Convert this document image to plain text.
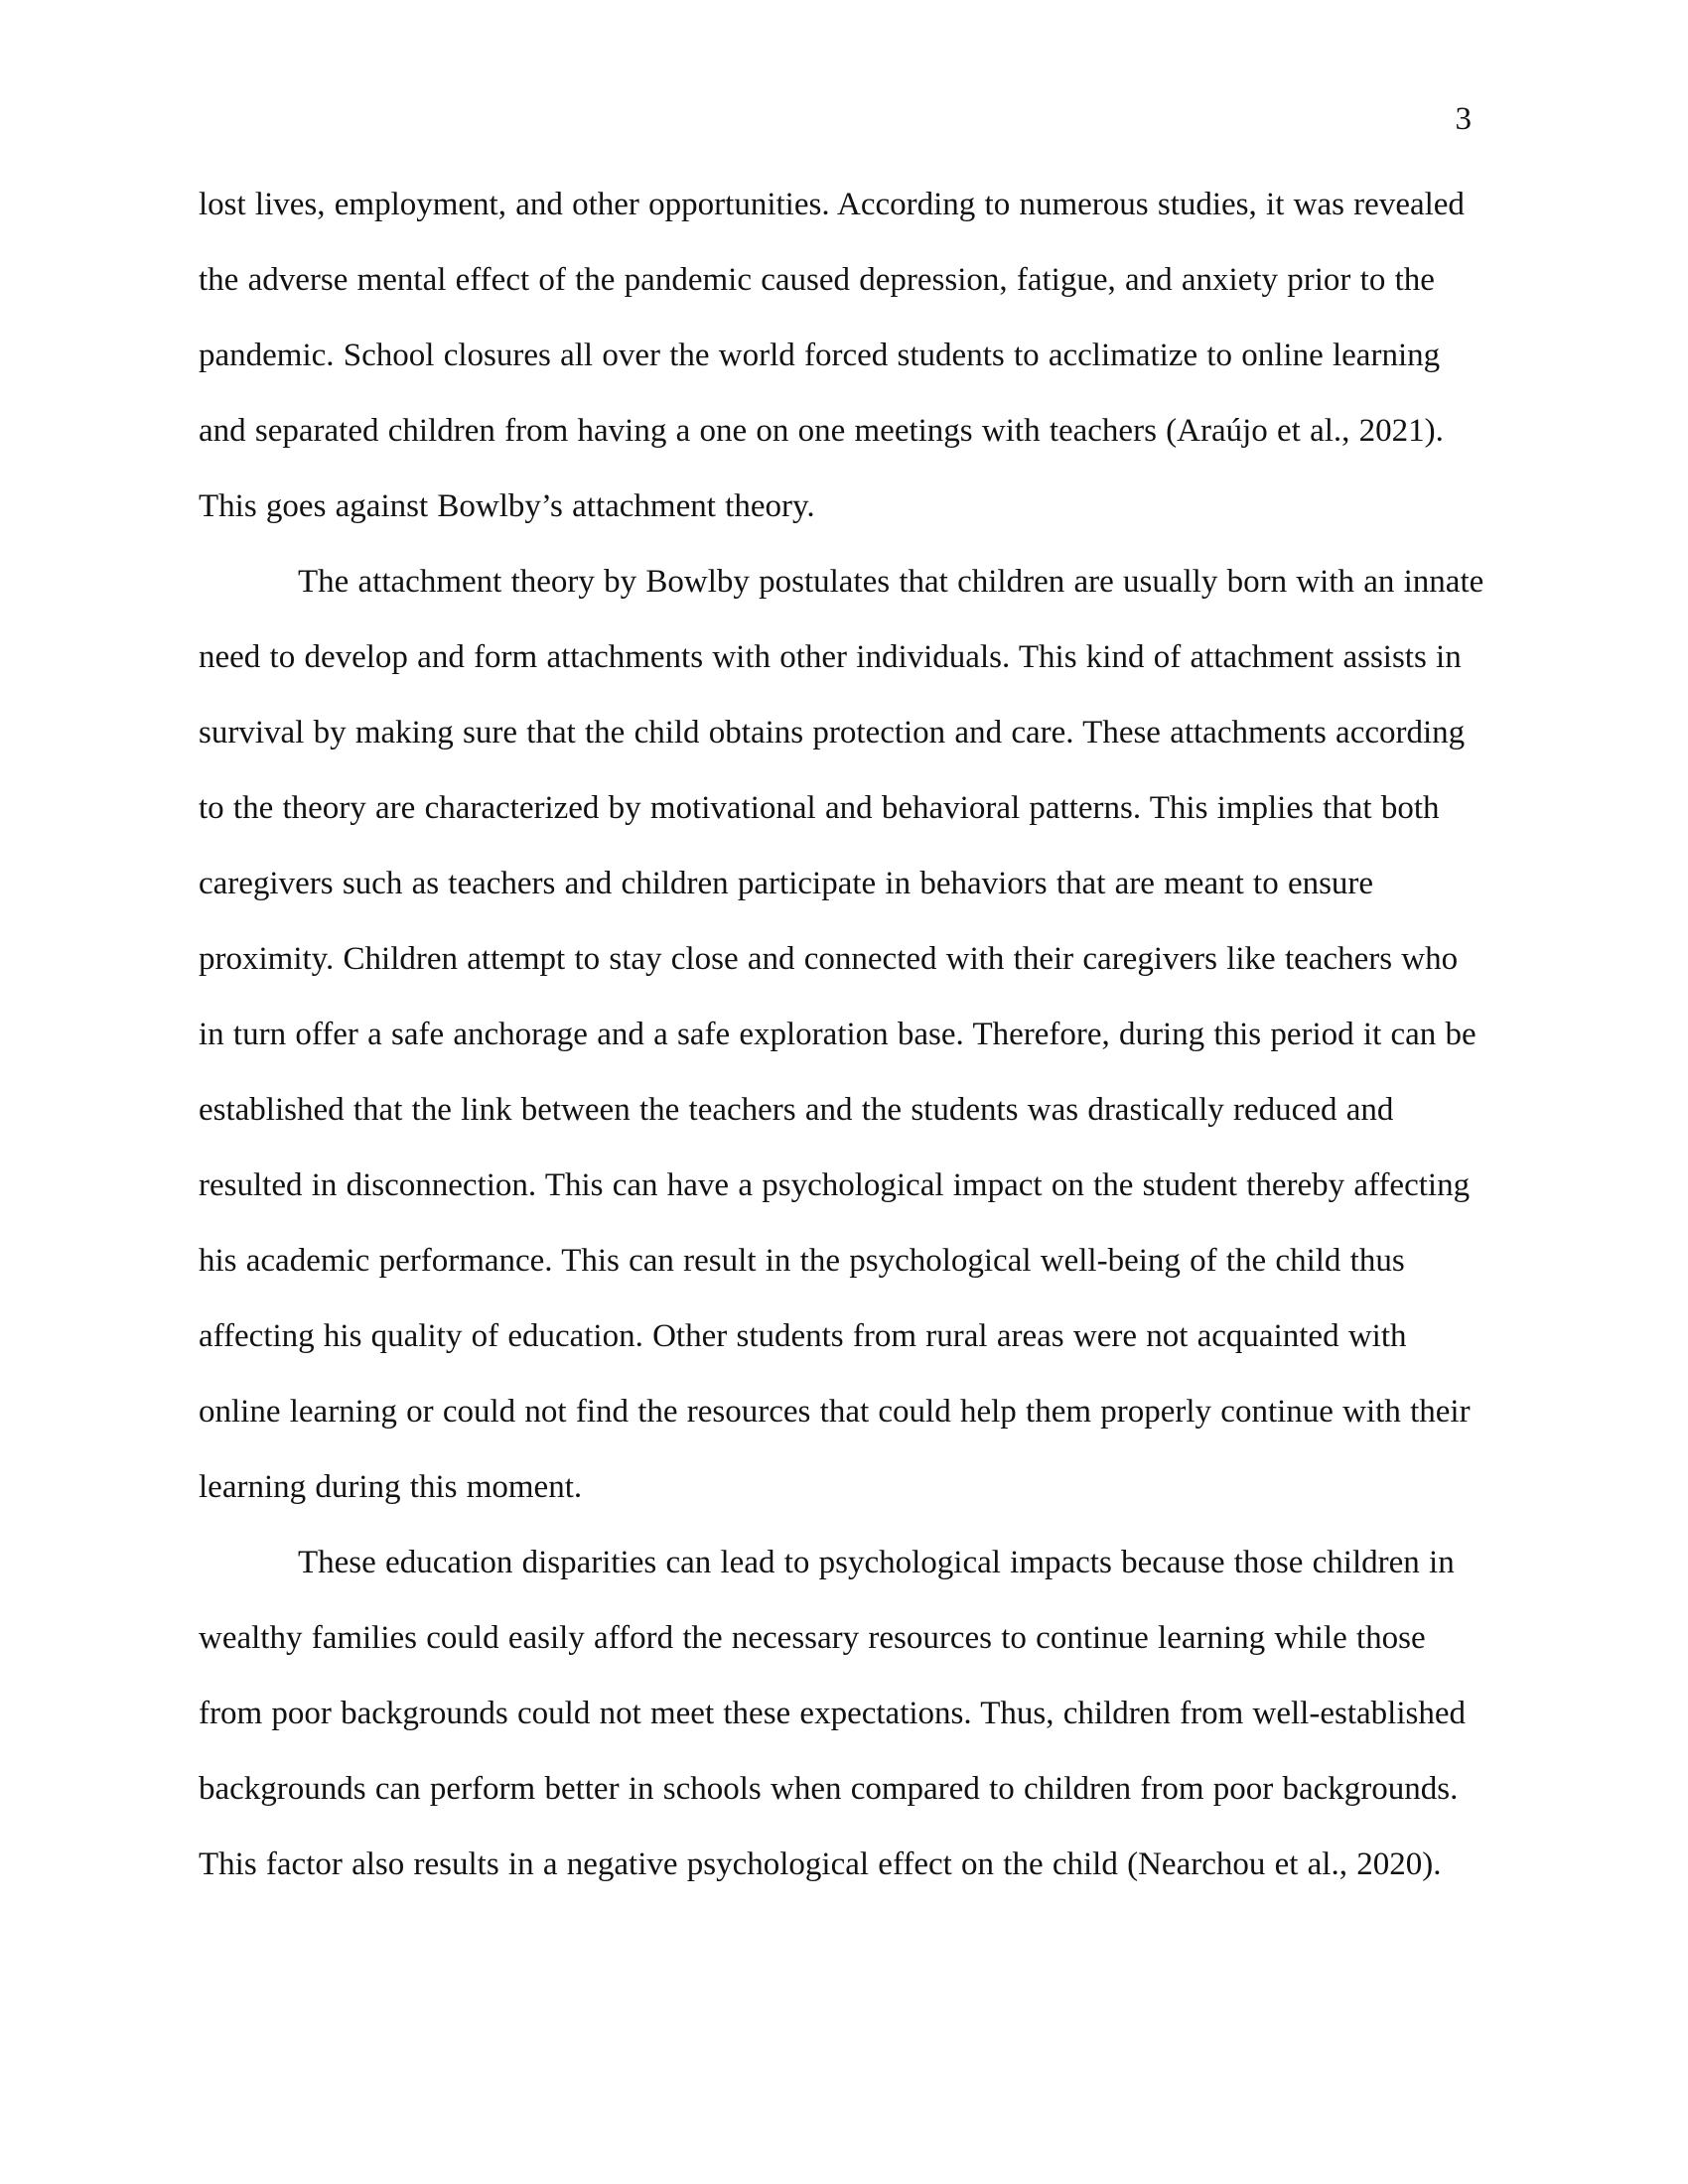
3

lost lives, employment, and other opportunities. According to numerous studies, it was revealed the adverse mental effect of the pandemic caused depression, fatigue, and anxiety prior to the pandemic. School closures all over the world forced students to acclimatize to online learning and separated children from having a one on one meetings with teachers (Araújo et al., 2021). This goes against Bowlby’s attachment theory.

The attachment theory by Bowlby postulates that children are usually born with an innate need to develop and form attachments with other individuals. This kind of attachment assists in survival by making sure that the child obtains protection and care. These attachments according to the theory are characterized by motivational and behavioral patterns. This implies that both caregivers such as teachers and children participate in behaviors that are meant to ensure proximity. Children attempt to stay close and connected with their caregivers like teachers who in turn offer a safe anchorage and a safe exploration base. Therefore, during this period it can be established that the link between the teachers and the students was drastically reduced and resulted in disconnection. This can have a psychological impact on the student thereby affecting his academic performance. This can result in the psychological well-being of the child thus affecting his quality of education. Other students from rural areas were not acquainted with online learning or could not find the resources that could help them properly continue with their learning during this moment.

These education disparities can lead to psychological impacts because those children in wealthy families could easily afford the necessary resources to continue learning while those from poor backgrounds could not meet these expectations. Thus, children from well-established backgrounds can perform better in schools when compared to children from poor backgrounds. This factor also results in a negative psychological effect on the child (Nearchou et al., 2020).
